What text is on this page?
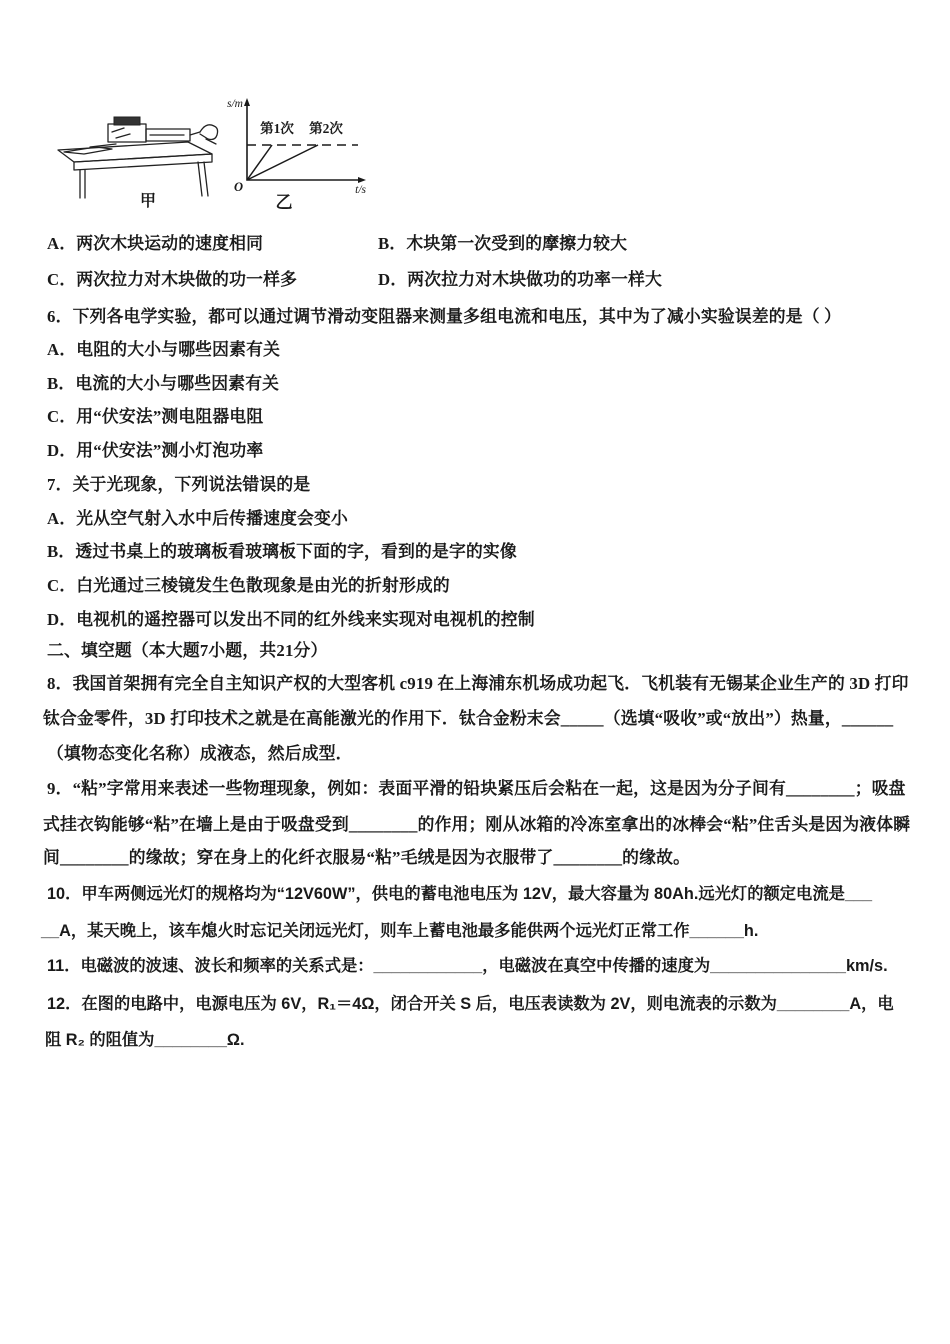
甲
s/m
t/s
O
第1次 第2次
乙
A．两次木块运动的速度相同	B．木块第一次受到的摩擦力较大
C．两次拉力对木块做的功一样多	D．两次拉力对木块做功的功率一样大
6．下列各电学实验，都可以通过调节滑动变阻器来测量多组电流和电压，其中为了减小实验误差的是（ ）
A．电阻的大小与哪些因素有关
B．电流的大小与哪些因素有关
C．用“伏安法”测电阻器电阻
D．用“伏安法”测小灯泡功率
7．关于光现象，下列说法错误的是
A．光从空气射入水中后传播速度会变小
B．透过书桌上的玻璃板看玻璃板下面的字，看到的是字的实像
C．白光通过三棱镜发生色散现象是由光的折射形成的
D．电视机的遥控器可以发出不同的红外线来实现对电视机的控制
二、填空题（本大题7小题，共21分）
8．我国首架拥有完全自主知识产权的大型客机 c919 在上海浦东机场成功起飞．飞机装有无锡某企业生产的 3D 打印
钛合金零件，3D 打印技术之就是在高能激光的作用下．钛合金粉末会_____（选填“吸收”或“放出”）热量，______
（填物态变化名称）成液态，然后成型．
9．“粘”字常用来表述一些物理现象，例如：表面平滑的铅块紧压后会粘在一起，这是因为分子间有________；吸盘
式挂衣钩能够“粘”在墙上是由于吸盘受到________的作用；刚从冰箱的冷冻室拿出的冰棒会“粘”住舌头是因为液体瞬
间________的缘故；穿在身上的化纤衣服易“粘”毛绒是因为衣服带了________的缘故。
10．甲车两侧远光灯的规格均为“12V60W”，供电的蓄电池电压为 12V，最大容量为 80Ah.远光灯的额定电流是___
__A，某天晚上，该车熄火时忘记关闭远光灯，则车上蓄电池最多能供两个远光灯正常工作______h.
11．电磁波的波速、波长和频率的关系式是：____________，电磁波在真空中传播的速度为_______________km/s.
12．在图的电路中，电源电压为 6V，R₁＝4Ω，闭合开关 S 后，电压表读数为 2V，则电流表的示数为________A，电
阻 R₂ 的阻值为________Ω.
